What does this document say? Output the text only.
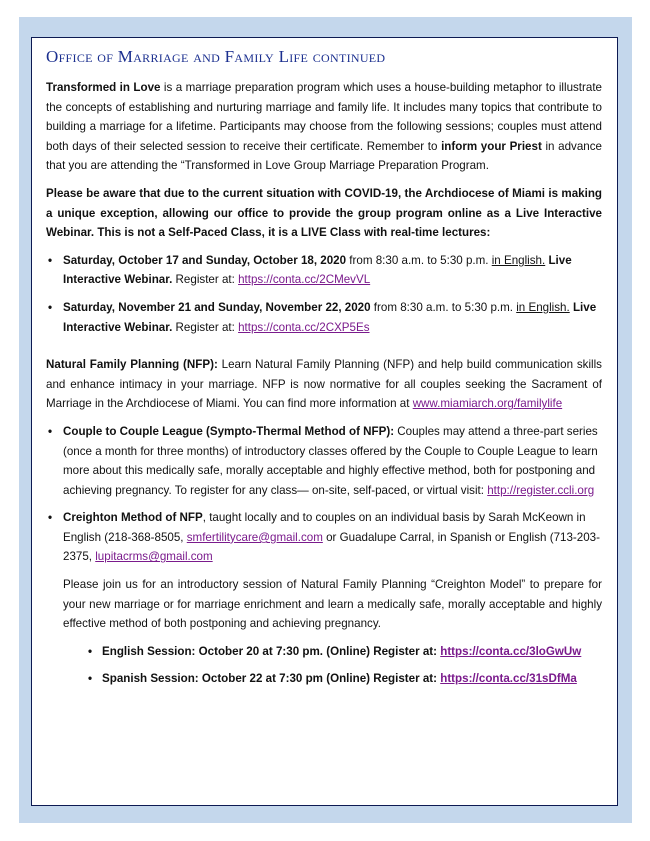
Office of Marriage and Family Life continued

Transformed in Love is a marriage preparation program which uses a house-building metaphor to illustrate the concepts of establishing and nurturing marriage and family life. It includes many topics that contribute to building a marriage for a lifetime. Participants may choose from the following sessions; couples must attend both days of their selected session to receive their certificate. Remember to inform your Priest in advance that you are attending the “Transformed in Love Group Marriage Preparation Program.

Please be aware that due to the current situation with COVID-19, the Archdiocese of Miami is making a unique exception, allowing our office to provide the group program online as a Live Interactive Webinar. This is not a Self-Paced Class, it is a LIVE Class with real-time lectures:

• Saturday, October 17 and Sunday, October 18, 2020 from 8:30 a.m. to 5:30 p.m. in English. Live Interactive Webinar. Register at: https://conta.cc/2CMevVL
• Saturday, November 21 and Sunday, November 22, 2020 from 8:30 a.m. to 5:30 p.m. in English. Live Interactive Webinar. Register at: https://conta.cc/2CXP5Es

Natural Family Planning (NFP): Learn Natural Family Planning (NFP) and help build communication skills and enhance intimacy in your marriage. NFP is now normative for all couples seeking the Sacrament of Marriage in the Archdiocese of Miami. You can find more information at www.miamiarch.org/familylife

• Couple to Couple League (Sympto-Thermal Method of NFP): Couples may attend a three-part series (once a month for three months) of introductory classes offered by the Couple to Couple League to learn more about this medically safe, morally acceptable and highly effective method, both for postponing and achieving pregnancy. To register for any class— on-site, self-paced, or virtual visit: http://register.ccli.org
• Creighton Method of NFP, taught locally and to couples on an individual basis by Sarah McKeown in English (218-368-8505, smfertilitycare@gmail.com or Guadalupe Carral, in Spanish or English (713-203-2375, lupitacrms@gmail.com

Please join us for an introductory session of Natural Family Planning “Creighton Model” to prepare for your new marriage or for marriage enrichment and learn a medically safe, morally acceptable and highly effective method of both postponing and achieving pregnancy.

• English Session: October 20 at 7:30 pm. (Online) Register at: https://conta.cc/3loGwUw
• Spanish Session: October 22 at 7:30 pm (Online) Register at: https://conta.cc/31sDfMa
